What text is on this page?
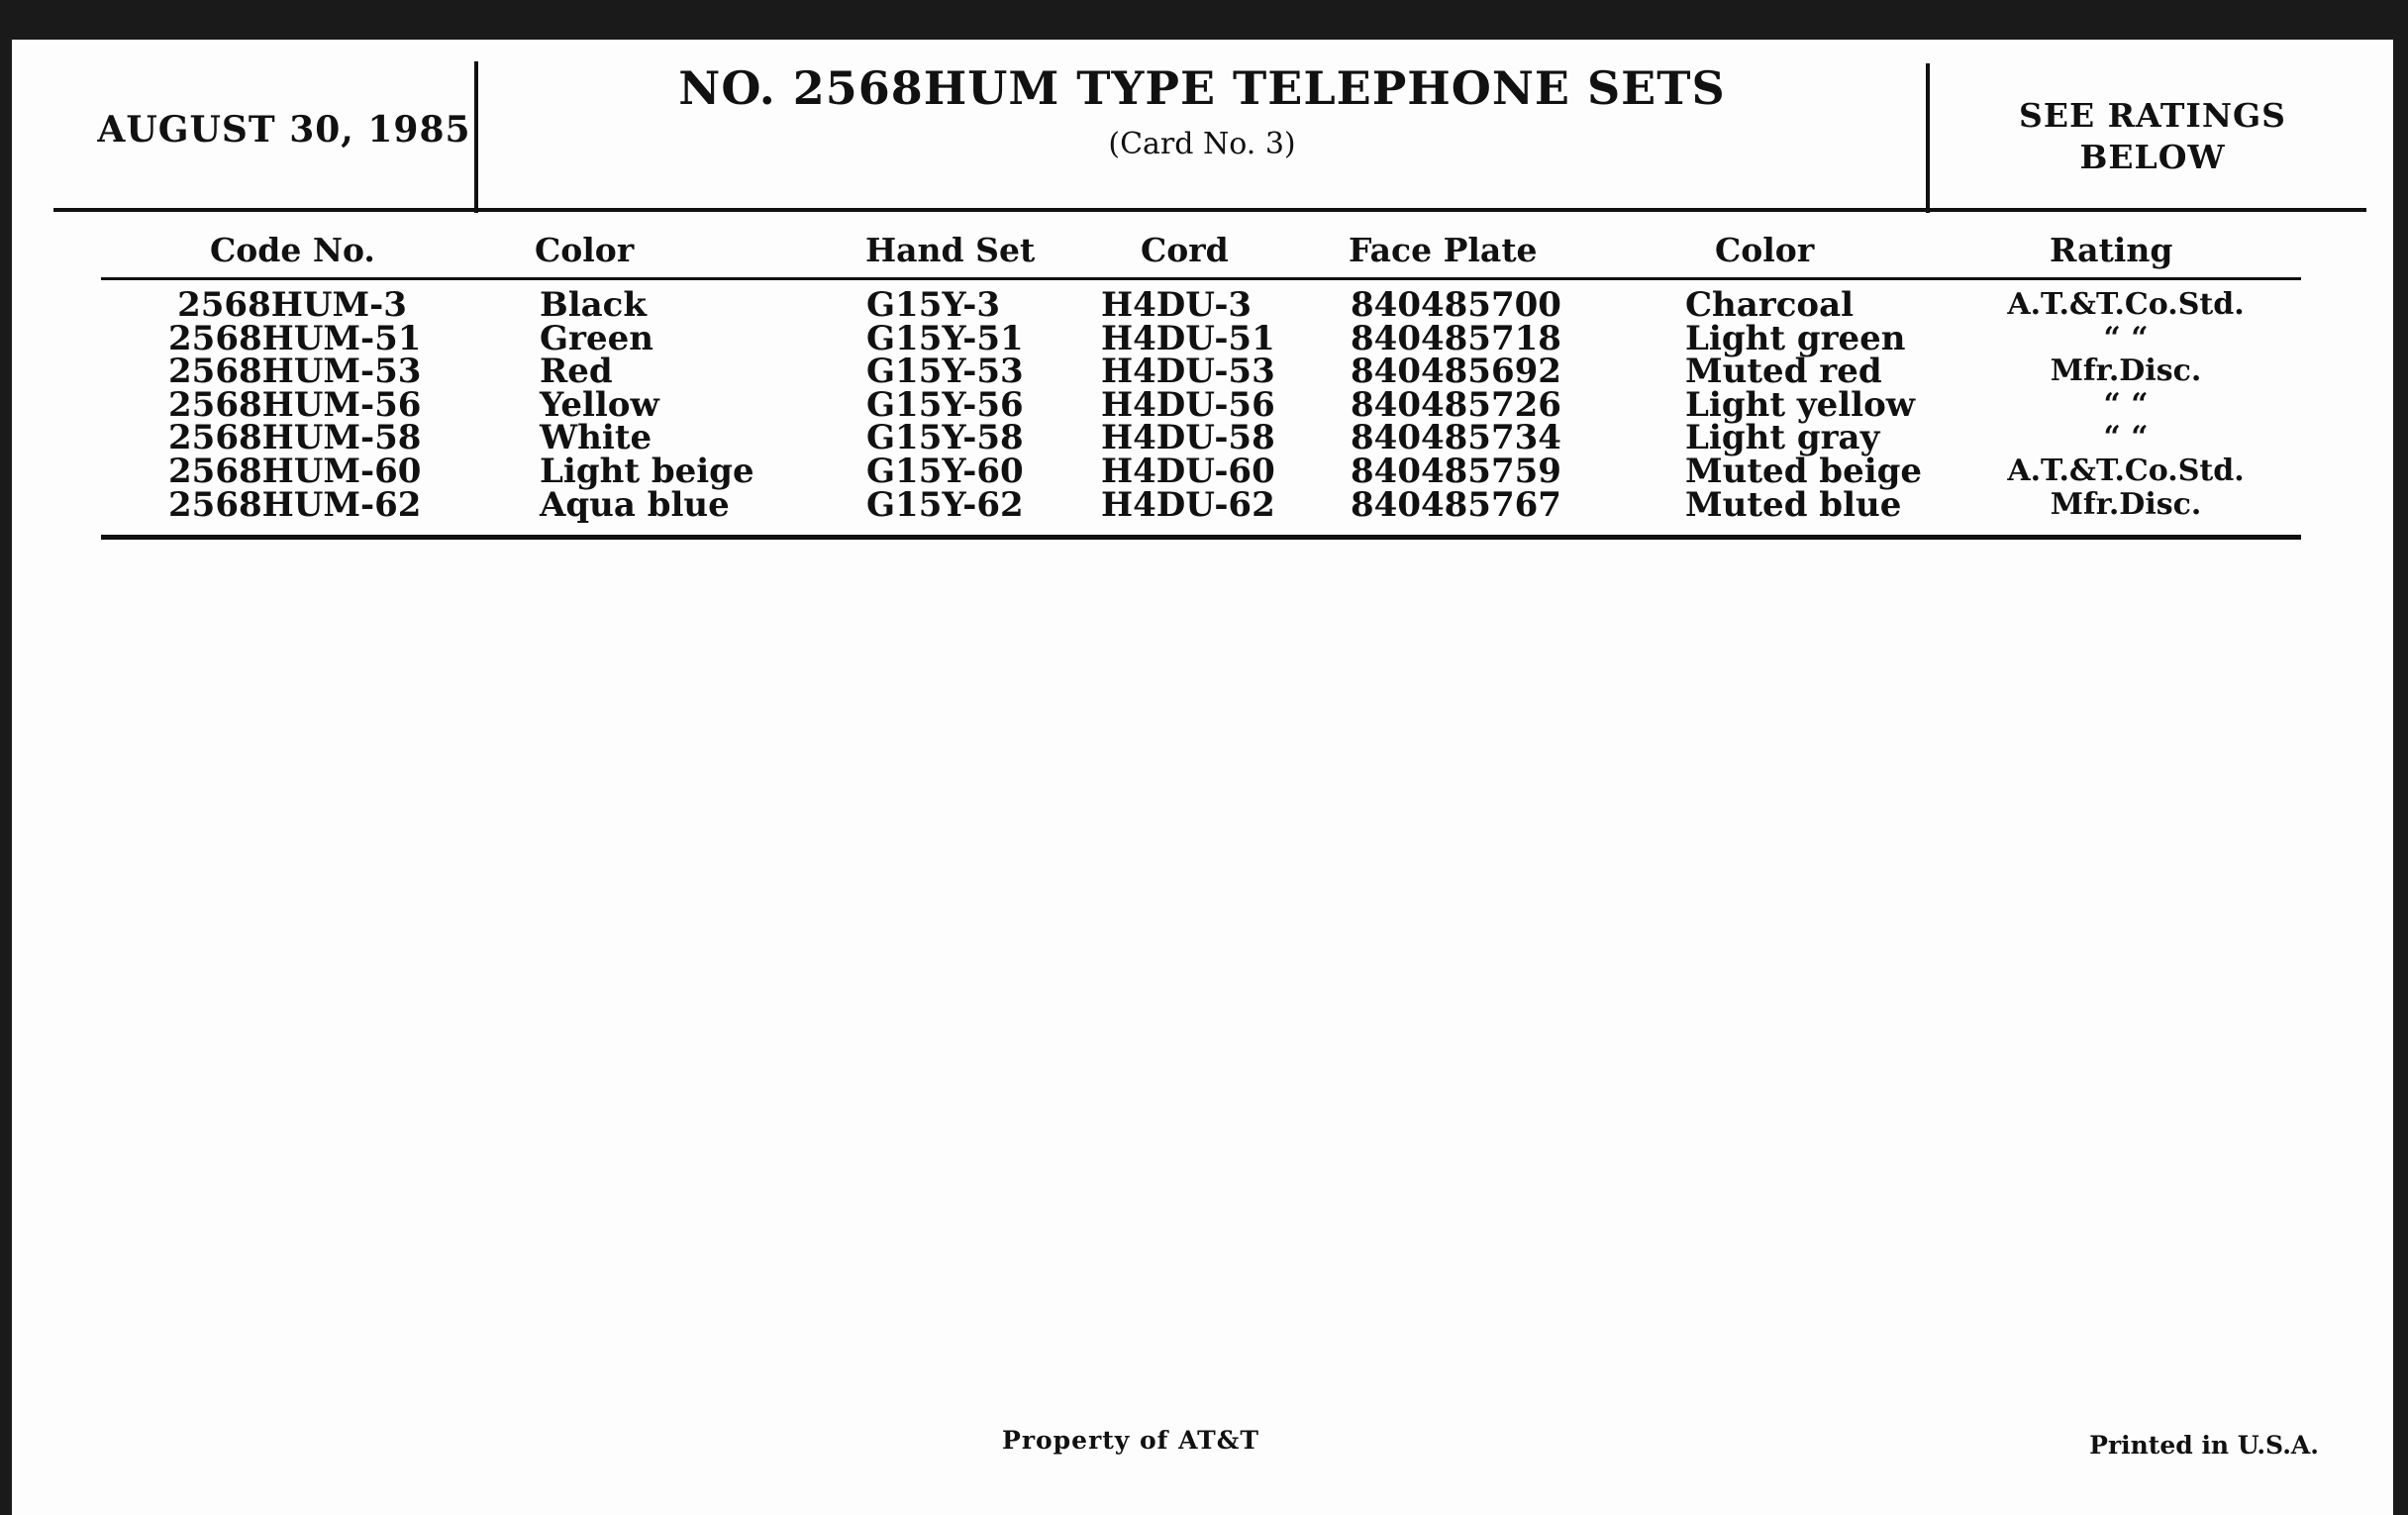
AUGUST 30, 1985
NO. 2568HUM TYPE TELEPHONE SETS
(Card No. 3)
SEE RATINGS
BELOW
Code No.	Color	Hand Set	Cord	Face Plate	Color	Rating
2568HUM-3	Black	G15Y-3	H4DU-3	840485700	Charcoal	A.T.&T.Co.Std.
2568HUM-51	Green	G15Y-51 H4DU-51 840485718	Light green	“ “
2568HUM-53	Red	G15Y-53 H4DU-53 840485692	Muted red	Mfr.Disc.
2568HUM-56	Yellow	G15Y-56 H4DU-56 840485726	Light yellow	“ “
2568HUM-58	White	G15Y-58 H4DU-58 840485734	Light gray	“ “
2568HUM-60	Light beige	G15Y-60 H4DU-60 840485759	Muted beige	A.T.&T.Co.Std.
2568HUM-62	Aqua blue	G15Y-62 H4DU-62 840485767	Muted blue	Mfr.Disc.
Property of AT&T	Printed in U.S.A.
